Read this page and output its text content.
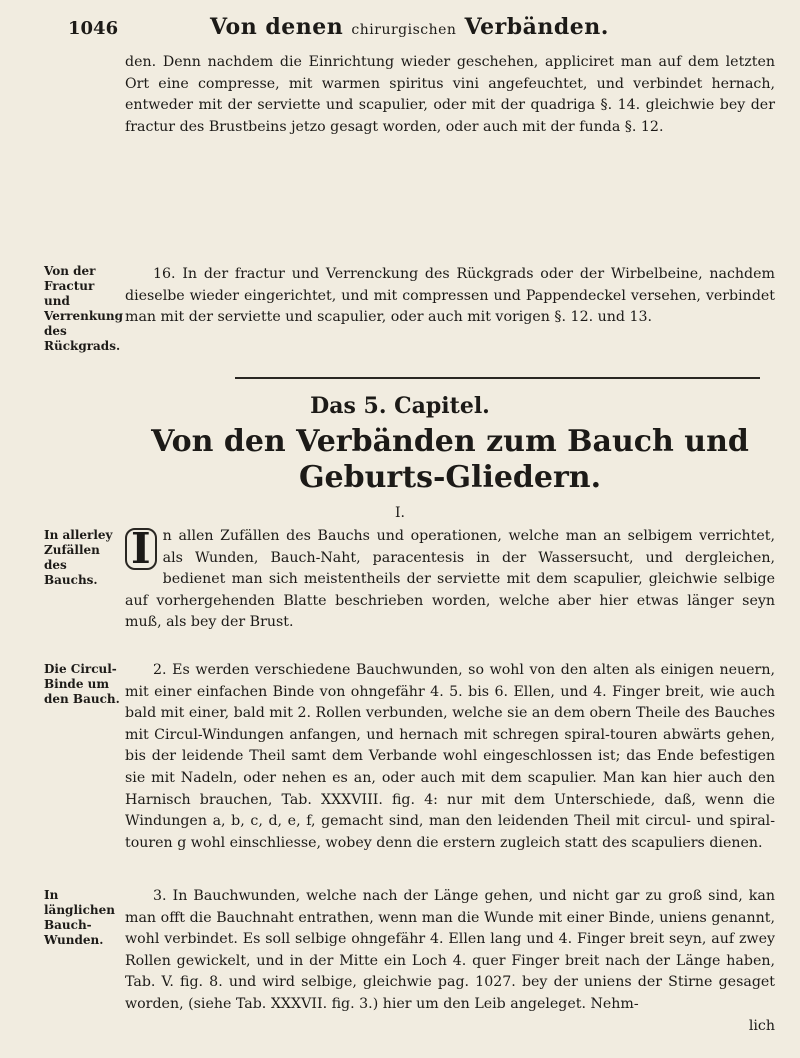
1046	Von denen chirurgischen Verbänden.

den. Denn nachdem die Einrichtung wieder geschehen, appliciret man auf dem letzten Ort eine compresse, mit warmen spiritus vini angefeuchtet, und verbindet hernach, entweder mit der serviette und scapulier, oder mit der quadriga §. 14. gleichwie bey der fractur des Brustbeins jetzo gesagt worden, oder auch mit der funda §. 12.

Von der Fractur und Verrenkung des Rückgrads.

16. In der fractur und Verrenckung des Rückgrads oder der Wirbelbeine, nachdem dieselbe wieder eingerichtet, und mit compressen und Pappendeckel versehen, verbindet man mit der serviette und scapulier, oder auch mit vorigen §. 12. und 13.

Das 5. Capitel.
Von den Verbänden zum Bauch und Geburts-Gliedern.
I.
In allerley Zufällen des Bauchs.

I n allen Zufällen des Bauchs und operationen, welche man an selbigem verrichtet, als Wunden, Bauch-Naht, paracentesis in der Wassersucht, und dergleichen, bedienet man sich meistentheils der serviette mit dem scapulier, gleichwie selbige auf vorhergehenden Blatte beschrieben worden, welche aber hier etwas länger seyn muß, als bey der Brust.

Die Circul-Binde um den Bauch.

2. Es werden verschiedene Bauchwunden, so wohl von den alten als einigen neuern, mit einer einfachen Binde von ohngefähr 4. 5. bis 6. Ellen, und 4. Finger breit, wie auch bald mit einer, bald mit 2. Rollen verbunden, welche sie an dem obern Theile des Bauches mit Circul-Windungen anfangen, und hernach mit schregen spiral-touren abwärts gehen, bis der leidende Theil samt dem Verbande wohl eingeschlossen ist; das Ende befestigen sie mit Nadeln, oder nehen es an, oder auch mit dem scapulier. Man kan hier auch den Harnisch brauchen, Tab. XXXVIII. fig. 4: nur mit dem Unterschiede, daß, wenn die Windungen a, b, c, d, e, f, gemacht sind, man den leidenden Theil mit circul- und spiral-touren g wohl einschliesse, wobey denn die erstern zugleich statt des scapuliers dienen.

In länglichen Bauch-Wunden.

3. In Bauchwunden, welche nach der Länge gehen, und nicht gar zu groß sind, kan man offt die Bauchnaht entrathen, wenn man die Wunde mit einer Binde, uniens genannt, wohl verbindet. Es soll selbige ohngefähr 4. Ellen lang und 4. Finger breit seyn, auf zwey Rollen gewickelt, und in der Mitte ein Loch 4. quer Finger breit nach der Länge haben, Tab. V. fig. 8. und wird selbige, gleichwie pag. 1027. bey der uniens der Stirne gesaget worden, (siehe Tab. XXXVII. fig. 3.) hier um den Leib angeleget. Nehm-

lich
